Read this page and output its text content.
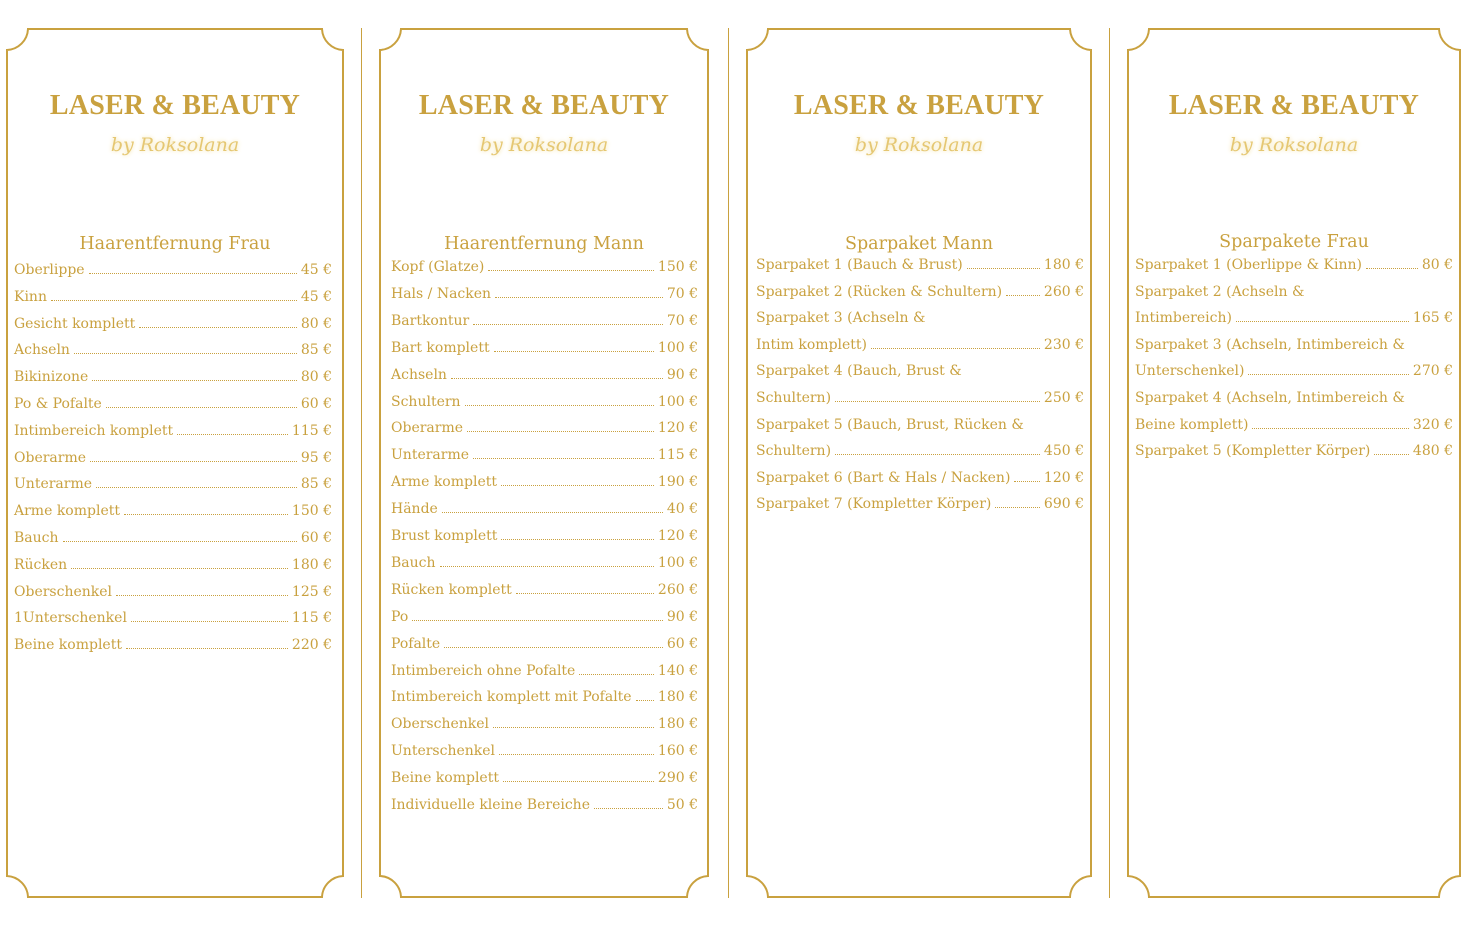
LASER & BEAUTY
by Roksolana
Haarentfernung Frau
Oberlippe	45 €
Kinn	45 €
Gesicht komplett	80 €
Achseln	85 €
Bikinizone	80 €
Po & Pofalte	60 €
Intimbereich komplett	115 €
Oberarme	95 €
Unterarme	85 €
Arme komplett	150 €
Bauch	60 €
Rücken	180 €
Oberschenkel	125 €
1Unterschenkel	115 €
Beine komplett	220 €
LASER & BEAUTY
by Roksolana
Haarentfernung Mann
Kopf (Glatze)	150 €
Hals / Nacken	70 €
Bartkontur	70 €
Bart komplett	100 €
Achseln	90 €
Schultern	100 €
Oberarme	120 €
Unterarme	115 €
Arme komplett	190 €
Hände	40 €
Brust komplett	120 €
Bauch	100 €
Rücken komplett	260 €
Po	90 €
Pofalte	60 €
Intimbereich ohne Pofalte	140 €
Intimbereich komplett mit Pofalte 180 €
Oberschenkel	180 €
Unterschenkel	160 €
Beine komplett	290 €
Individuelle kleine Bereiche	50 €
LASER & BEAUTY
by Roksolana
Sparpaket Mann
Sparpaket 1 (Bauch & Brust)	180 €
Sparpaket 2 (Rücken & Schultern)	260 €
Sparpaket 3 (Achseln &
Intim komplett)	230 €
Sparpaket 4 (Bauch, Brust &
Schultern)	250 €
Sparpaket 5 (Bauch, Brust, Rücken &
Schultern)	450 €
Sparpaket 6 (Bart & Hals / Nacken) 120 €
Sparpaket 7 (Kompletter Körper)	690 €
LASER & BEAUTY
by Roksolana
Sparpakete Frau
Sparpaket 1 (Oberlippe & Kinn)	80 €
Sparpaket 2 (Achseln &
Intimbereich)	165 €
Sparpaket 3 (Achseln, Intimbereich &
Unterschenkel)	270 €
Sparpaket 4 (Achseln, Intimbereich &
Beine komplett)	320 €
Sparpaket 5 (Kompletter Körper)	480 €
